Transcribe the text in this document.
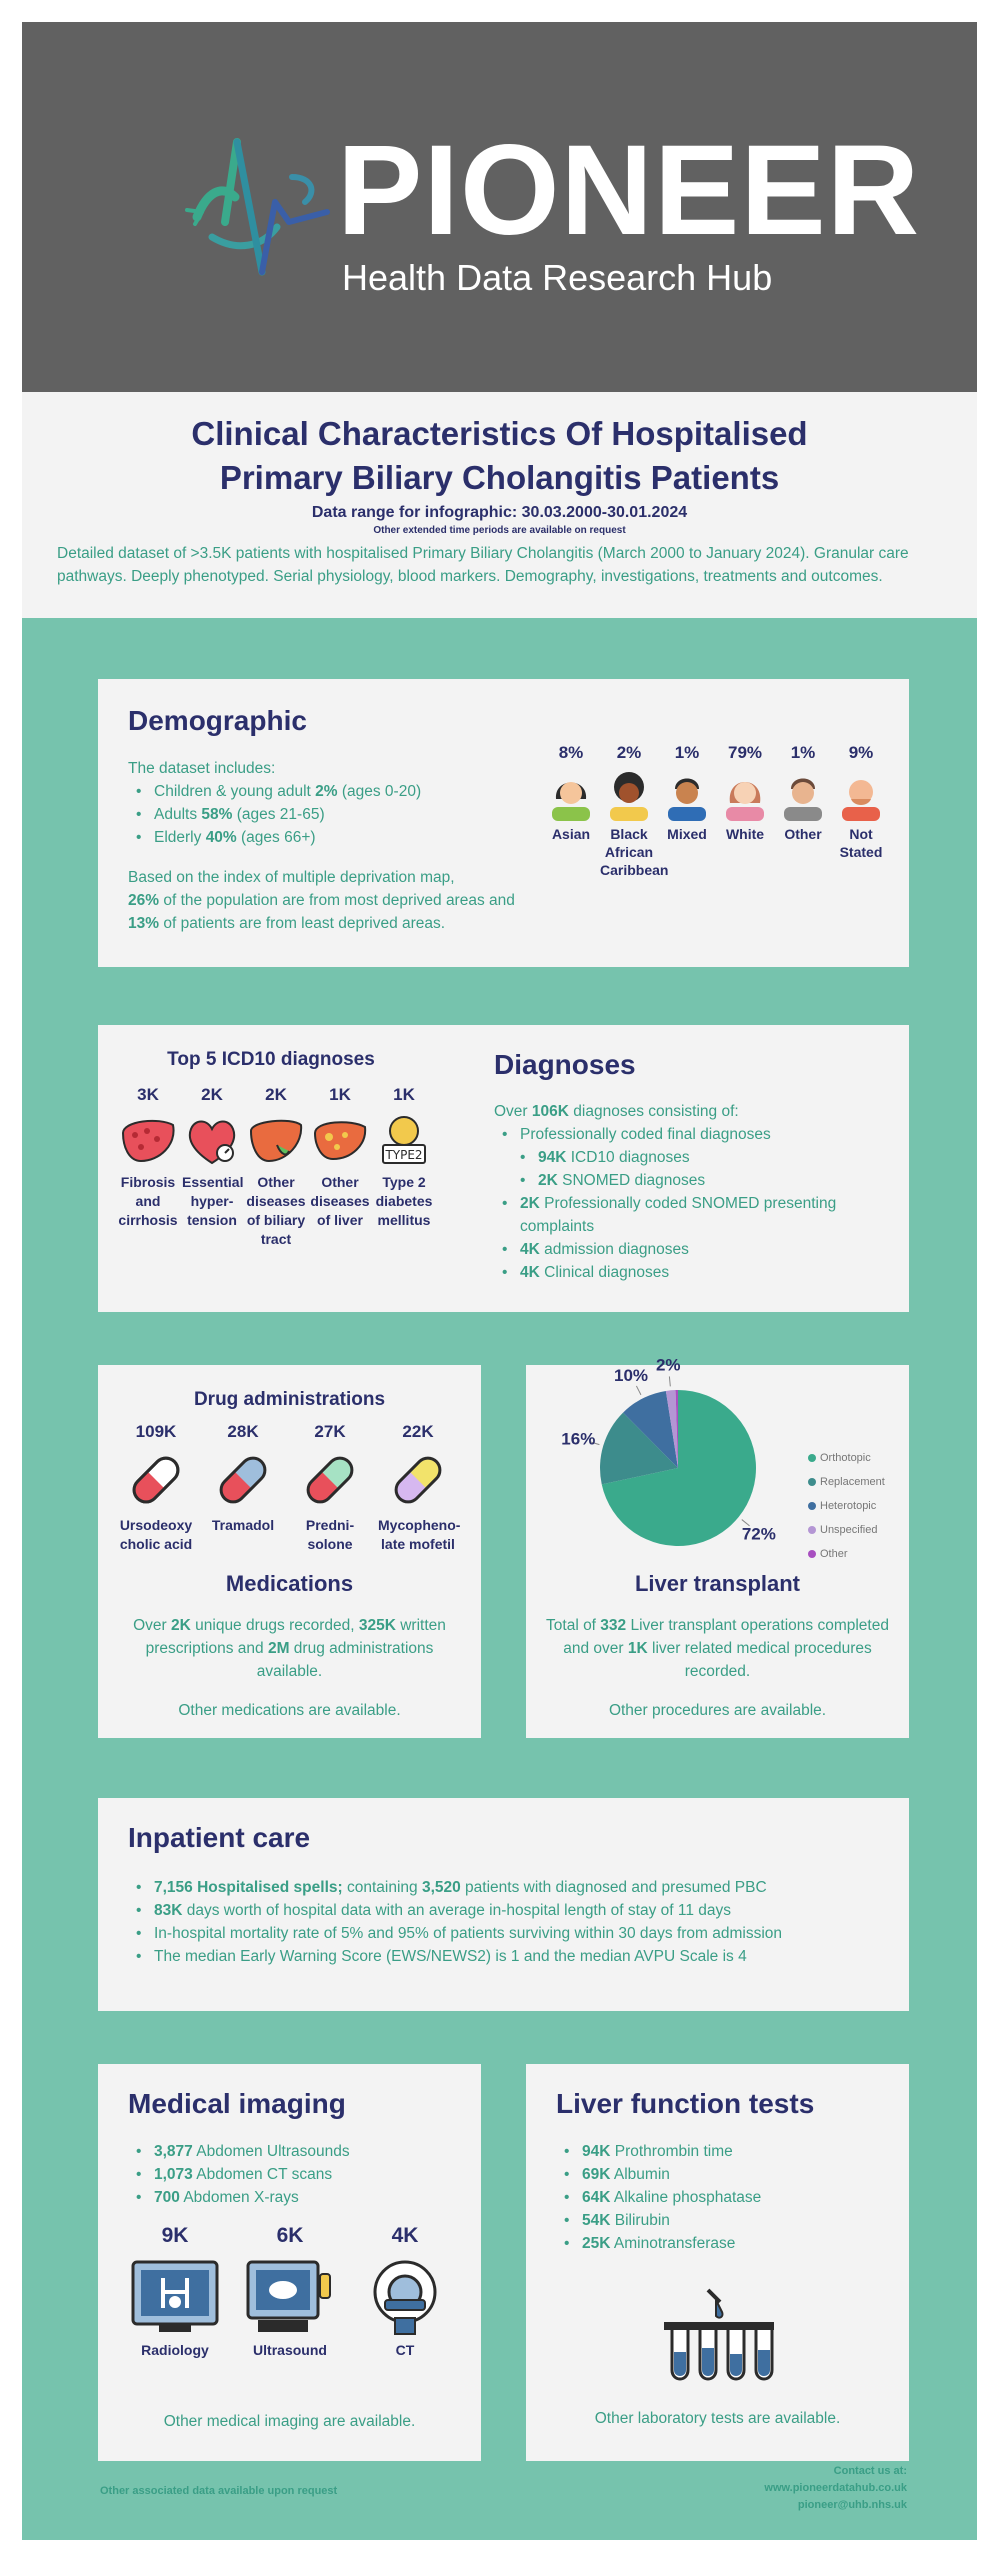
PIONEER
Health Data Research Hub
Clinical Characteristics Of Hospitalised
Primary Biliary Cholangitis Patients
Data range for infographic: 30.03.2000-30.01.2024
Other extended time periods are available on request
Detailed dataset of >3.5K patients with hospitalised Primary Biliary Cholangitis (March 2000 to January 2024). Granular care pathways. Deeply phenotyped. Serial physiology, blood markers. Demography, investigations, treatments and outcomes.
Demographic
The dataset includes:
• Children & young adult 2% (ages 0-20)
• Adults 58% (ages 21-65)
• Elderly 40% (ages 66+)
Based on the index of multiple deprivation map,
26% of the population are from most deprived areas and 13% of patients are from least deprived areas.
8%
Asian
2%
Black African Caribbean
1%
Mixed
79%
White
1%
Other
9%
Not Stated
Top 5 ICD10 diagnoses
3K
Fibrosis and cirrhosis
2K
Essential hyper-tension
2K
Other diseases of biliary tract
1K
Other diseases of liver
1K
TYPE2
Type 2 diabetes mellitus
Diagnoses
Over 106K diagnoses consisting of:
• Professionally coded final diagnoses
• 94K ICD10 diagnoses
• 2K SNOMED diagnoses
• 2K Professionally coded SNOMED presenting complaints
• 4K admission diagnoses
• 4K Clinical diagnoses
Drug administrations
109K
Ursodeoxy cholic acid
28K
Tramadol
27K
Predni-solone
22K
Mycopheno-late mofetil
Medications
Over 2K unique drugs recorded, 325K written prescriptions and 2M drug administrations available.
Other medications are available.
72%
16%
10%
2%
Liver transplant
Total of 332 Liver transplant operations completed and over 1K liver related medical procedures recorded.
Other procedures are available.
Orthotopic
Replacement
Heterotopic
Unspecified
Other
Inpatient care
• 7,156 Hospitalised spells; containing 3,520 patients with diagnosed and presumed PBC
• 83K days worth of hospital data with an average in-hospital length of stay of 11 days
• In-hospital mortality rate of 5% and 95% of patients surviving within 30 days from admission
• The median Early Warning Score (EWS/NEWS2) is 1 and the median AVPU Scale is 4
Medical imaging
• 3,877 Abdomen Ultrasounds
• 1,073 Abdomen CT scans
• 700 Abdomen X-rays
9K
Radiology
6K
Ultrasound
4K
CT
Other medical imaging are available.
Liver function tests
• 94K Prothrombin time
• 69K Albumin
• 64K Alkaline phosphatase
• 54K Bilirubin
• 25K Aminotransferase
Other laboratory tests are available.
Other associated data available upon request
Contact us at:
www.pioneerdatahub.co.uk
pioneer@uhb.nhs.uk
